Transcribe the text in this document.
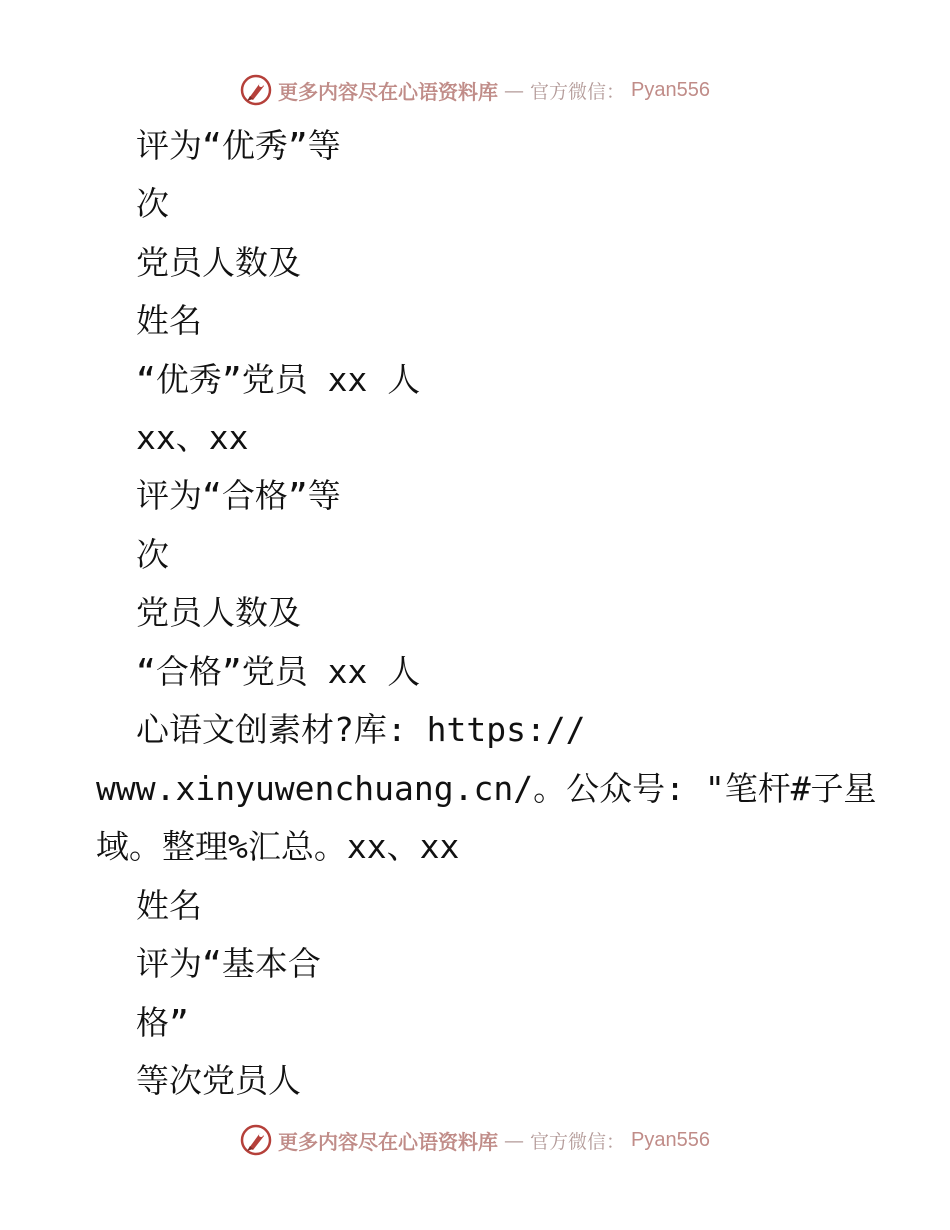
更多内容尽在心语资料库 — 官方微信： Pyan556
评为“优秀”等
次
党员人数及
姓名
“优秀”党员 xx 人
xx、xx
评为“合格”等
次
党员人数及
“合格”党员 xx 人
心语文创素材?库: https://
www.xinyuwenchuang.cn/。公众号: "笔杆#子星
域。整理%汇总。xx、xx
姓名
评为“基本合
格”
等次党员人
更多内容尽在心语资料库 — 官方微信： Pyan556
